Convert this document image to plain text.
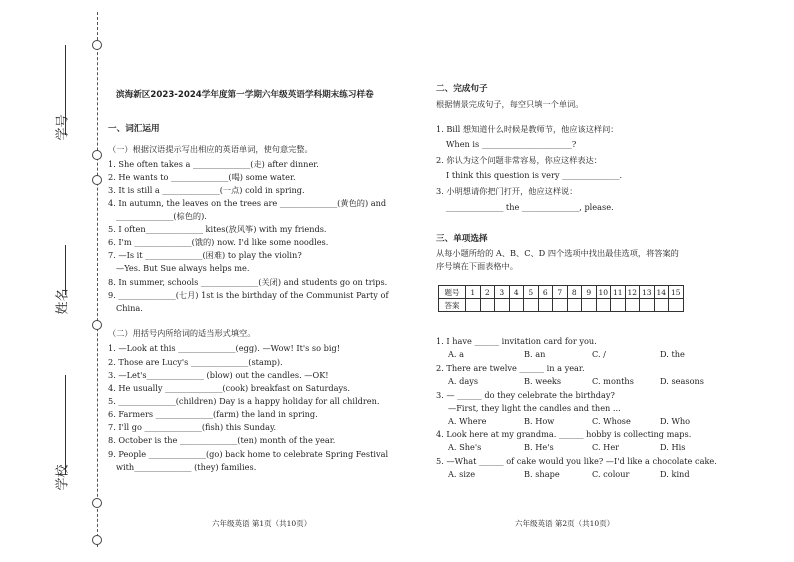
学号
姓名
学校
滨海新区2023-2024学年度第一学期六年级英语学科期末练习样卷
一、词汇运用
（一）根据汉语提示写出相应的英语单词，使句意完整。
1. She often takes a ______________(走) after dinner.
2. He wants to ______________(喝) some water.
3. It is still a ______________(一点) cold in spring.
4. In autumn, the leaves on the trees are ______________(黄色的) and
______________(棕色的).
5. I often______________ kites(放风筝) with my friends.
6. I'm ______________(饿的) now. I'd like some noodles.
7. —Is it ______________(困难) to play the violin?
—Yes. But Sue always helps me.
8. In summer, schools ______________(关闭) and students go on trips.
9. ______________(七月) 1st is the birthday of the Communist Party of
China.
（二）用括号内所给词的适当形式填空。
1. —Look at this ______________(egg). —Wow! It's so big!
2. Those are Lucy's ______________(stamp).
3. —Let's______________ (blow) out the candles. —OK!
4. He usually ______________(cook) breakfast on Saturdays.
5. ______________(children) Day is a happy holiday for all children.
6. Farmers ______________(farm) the land in spring.
7. I'll go ______________(fish) this Sunday.
8. October is the ______________(ten) month of the year.
9. People ______________(go) back home to celebrate Spring Festival
with______________ (they) families.
六年级英语 第1页（共10页）
二、完成句子
根据情景完成句子，每空只填一个单词。
1. Bill 想知道什么时候是教师节，他应该这样问：
When is ______________________?
2. 你认为这个问题非常容易，你应这样表达：
I think this question is very ______________.
3. 小明想请你把门打开，他应这样说：
______________ the ______________, please.
三、单项选择
从每小题所给的 A、B、C、D 四个选项中找出最佳选项，将答案的
序号填在下面表格中。
题号	1	2	3	4	5	6	7	8	9	10	11	12	13	14	15
答案															
1. I have ______ invitation card for you.
A. a	B. an	C. /	D. the
2. There are twelve ______ in a year.
A. days	B. weeks	C. months	D. seasons
3. — ______ do they celebrate the birthday?
—First, they light the candles and then ...
A. Where	B. How	C. Whose	D. Who
4. Look here at my grandma. ______ hobby is collecting maps.
A. She's	B. He's	C. Her	D. His
5. —What ______ of cake would you like? —I'd like a chocolate cake.
A. size	B. shape	C. colour	D. kind
六年级英语 第2页（共10页）
